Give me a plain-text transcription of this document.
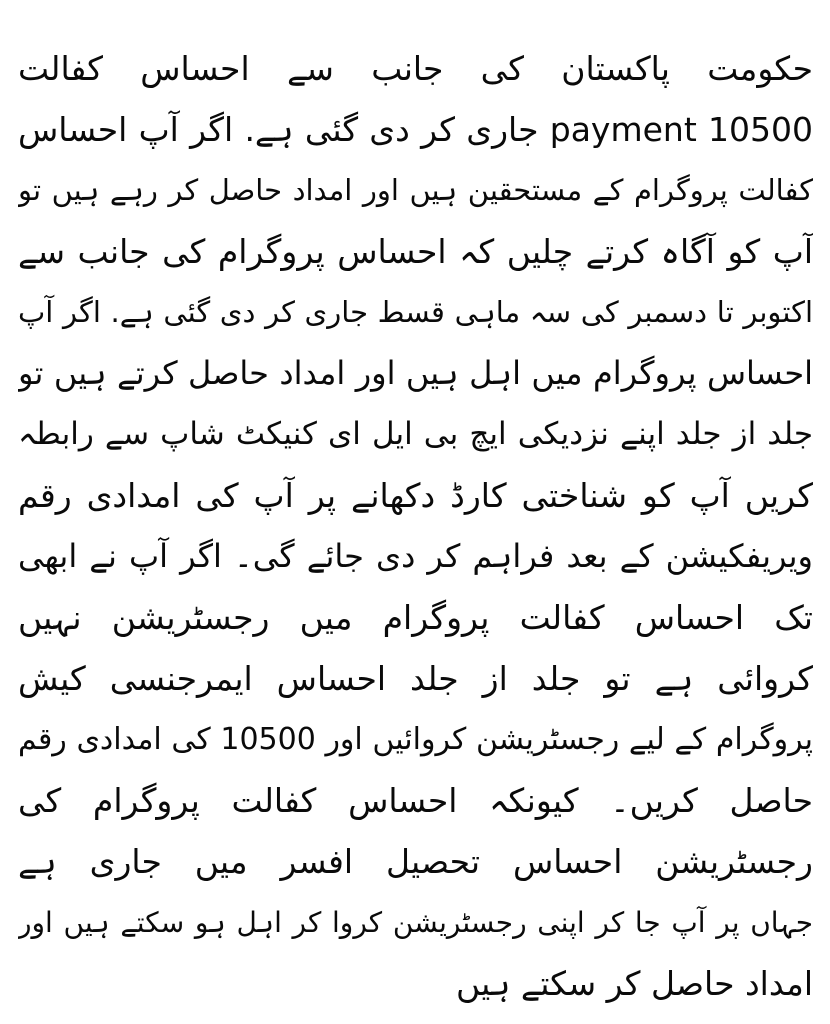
حکومت پاکستان کی جانب سے احساس کفالت
payment 10500 جاری کر دی گئی ہے. اگر آپ احساس
کفالت پروگرام کے مستحقین ہیں اور امداد حاصل کر رہے ہیں تو
آپ کو آگاہ کرتے چلیں کہ احساس پروگرام کی جانب سے
اکتوبر تا دسمبر کی سہ ماہی قسط جاری کر دی گئی ہے. اگر آپ
احساس پروگرام میں اہل ہیں اور امداد حاصل کرتے ہیں تو
جلد از جلد اپنے نزدیکی ایچ بی ایل ای کنیکٹ شاپ سے رابطہ
کریں آپ کو شناختی کارڈ دکھانے پر آپ کی امدادی رقم
ویریفکیشن کے بعد فراہم کر دی جائے گی۔ اگر آپ نے ابھی
تک احساس کفالت پروگرام میں رجسٹریشن نہیں
کروائی ہے تو جلد از جلد احساس ایمرجنسی کیش
پروگرام کے لیے رجسٹریشن کروائیں اور 10500 کی امدادی رقم
حاصل کریں۔ کیونکہ احساس کفالت پروگرام کی
رجسٹریشن احساس تحصیل افسر میں جاری ہے
جہاں پر آپ جا کر اپنی رجسٹریشن کروا کر اہل ہو سکتے ہیں اور
امداد حاصل کر سکتے ہیں
